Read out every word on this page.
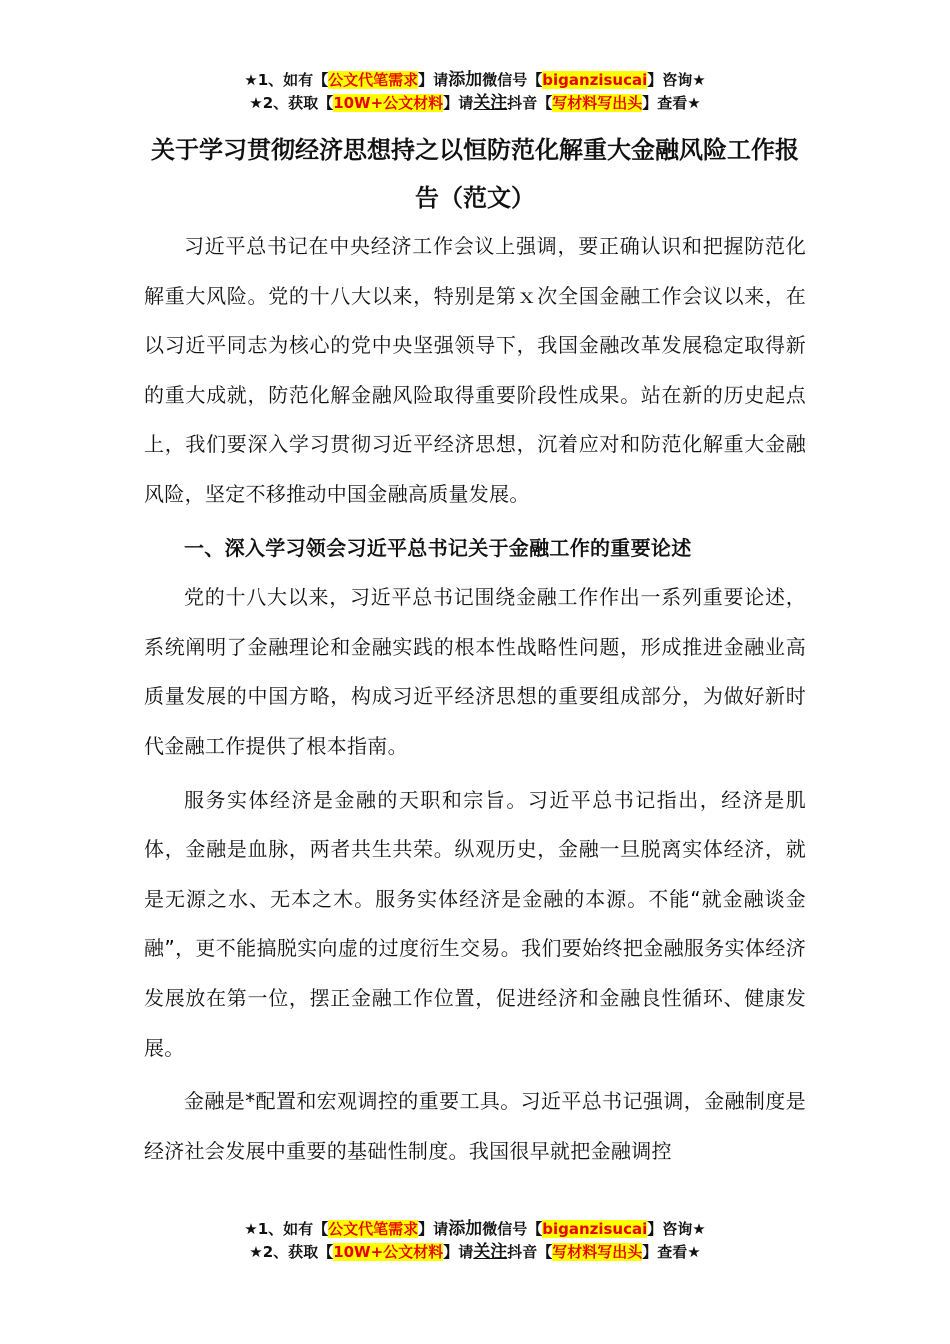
★1、如有【公文代笔需求】请添加微信号【biganzisucai】咨询★
★2、获取【10W+公文材料】请关注抖音【写材料写出头】查看★
关于学习贯彻经济思想持之以恒防范化解重大金融风险工作报告（范文）

习近平总书记在中央经济工作会议上强调，要正确认识和把握防范化解重大风险。党的十八大以来，特别是第ｘ次全国金融工作会议以来，在以习近平同志为核心的党中央坚强领导下，我国金融改革发展稳定取得新的重大成就，防范化解金融风险取得重要阶段性成果。站在新的历史起点上，我们要深入学习贯彻习近平经济思想，沉着应对和防范化解重大金融风险，坚定不移推动中国金融高质量发展。

一、深入学习领会习近平总书记关于金融工作的重要论述

党的十八大以来，习近平总书记围绕金融工作作出一系列重要论述，系统阐明了金融理论和金融实践的根本性战略性问题，形成推进金融业高质量发展的中国方略，构成习近平经济思想的重要组成部分，为做好新时代金融工作提供了根本指南。

服务实体经济是金融的天职和宗旨。习近平总书记指出，经济是肌体，金融是血脉，两者共生共荣。纵观历史，金融一旦脱离实体经济，就是无源之水、无本之木。服务实体经济是金融的本源。不能“就金融谈金融”，更不能搞脱实向虚的过度衍生交易。我们要始终把金融服务实体经济发展放在第一位，摆正金融工作位置，促进经济和金融良性循环、健康发展。

金融是*配置和宏观调控的重要工具。习近平总书记强调，金融制度是经济社会发展中重要的基础性制度。我国很早就把金融调控

★1、如有【公文代笔需求】请添加微信号【biganzisucai】咨询★
★2、获取【10W+公文材料】请关注抖音【写材料写出头】查看★
